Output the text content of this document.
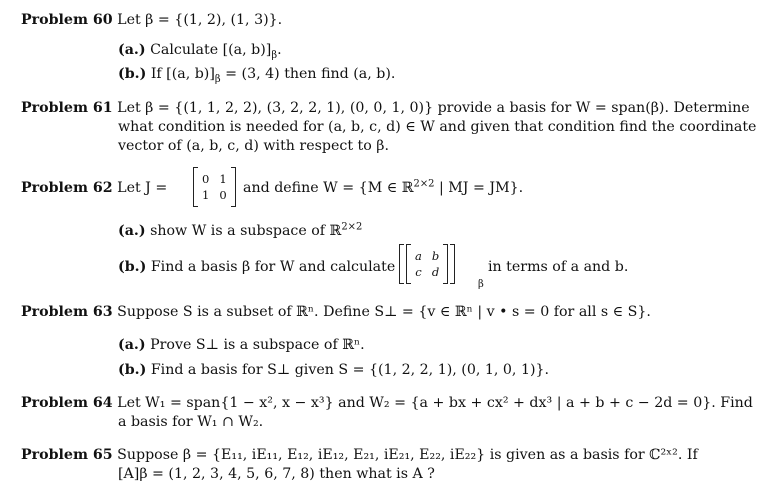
Problem 60 Let β = {(1, 2), (1, 3)}.
(a.) Calculate [(a, $b)]_\beta$.
(b.) If [(a, $b)]_\beta = (3$, 4) then find (a, b).
Problem 61 Let β = {(1, 1, 2, 2), (3, 2, 2, 1), (0, 0, 1, 0)} provide a basis for W = span(β). Determine
what condition is needed for (a, b, c, d) ∈ W and given that condition find the coordinate
vector of (a, b, c, d) with respect to β.
Problem 62 Let J =
0 1
1 0 and define W = {M ∈ ℝ$^{2\times 2}$ | MJ = JM}.
(a.) show W is a subspace of ℝ$^{2\times 2}$
(b.) Find a basis β for W and calculate
a b
c d
β
in terms of a and b.
Problem 63 Suppose S is a subset of ℝⁿ. Define S⊥ = {v ∈ ℝⁿ | v • s = 0 for all s ∈ S}.
(a.) Prove S⊥ is a subspace of ℝⁿ.
(b.) Find a basis for S⊥ given S = {(1, 2, 2, 1), (0, 1, 0, 1)}.
Problem 64 Let W₁ = span{1 − x², x − x³} and W₂ = {a + bx + cx² + dx³ | a + b + c − 2d = 0}. Find
a basis for W₁ ∩ W₂.
Problem 65 Suppose β = {E₁₁, iE₁₁, E₁₂, iE₁₂, E₂₁, iE₂₁, E₂₂, iE₂₂} is given as a basis for ℂ²ˣ². If
[A]β = (1, 2, 3, 4, 5, 6, 7, 8) then what is A ?
